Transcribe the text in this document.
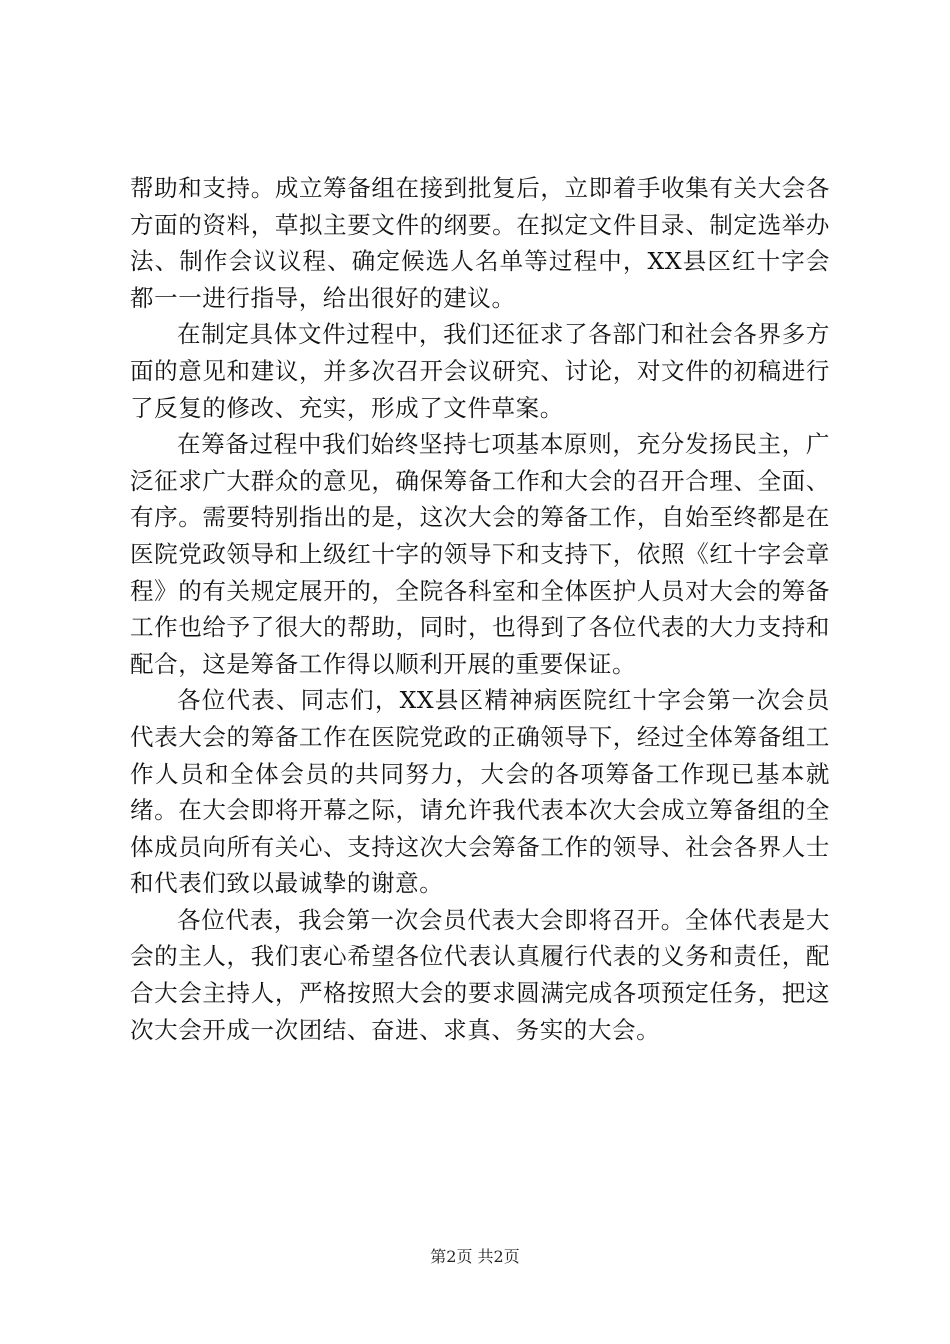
帮助和支持。成立筹备组在接到批复后，立即着手收集有关大会各方面的资料，草拟主要文件的纲要。在拟定文件目录、制定选举办法、制作会议议程、确定候选人名单等过程中，XX县区红十字会都一一进行指导，给出很好的建议。

在制定具体文件过程中，我们还征求了各部门和社会各界多方面的意见和建议，并多次召开会议研究、讨论，对文件的初稿进行了反复的修改、充实，形成了文件草案。

在筹备过程中我们始终坚持七项基本原则，充分发扬民主，广泛征求广大群众的意见，确保筹备工作和大会的召开合理、全面、有序。需要特别指出的是，这次大会的筹备工作，自始至终都是在医院党政领导和上级红十字的领导下和支持下，依照《红十字会章程》的有关规定展开的，全院各科室和全体医护人员对大会的筹备工作也给予了很大的帮助，同时，也得到了各位代表的大力支持和配合，这是筹备工作得以顺利开展的重要保证。

各位代表、同志们，XX县区精神病医院红十字会第一次会员代表大会的筹备工作在医院党政的正确领导下，经过全体筹备组工作人员和全体会员的共同努力，大会的各项筹备工作现已基本就绪。在大会即将开幕之际，请允许我代表本次大会成立筹备组的全体成员向所有关心、支持这次大会筹备工作的领导、社会各界人士和代表们致以最诚挚的谢意。

各位代表，我会第一次会员代表大会即将召开。全体代表是大会的主人，我们衷心希望各位代表认真履行代表的义务和责任，配合大会主持人，严格按照大会的要求圆满完成各项预定任务，把这次大会开成一次团结、奋进、求真、务实的大会。

第2页 共2页
